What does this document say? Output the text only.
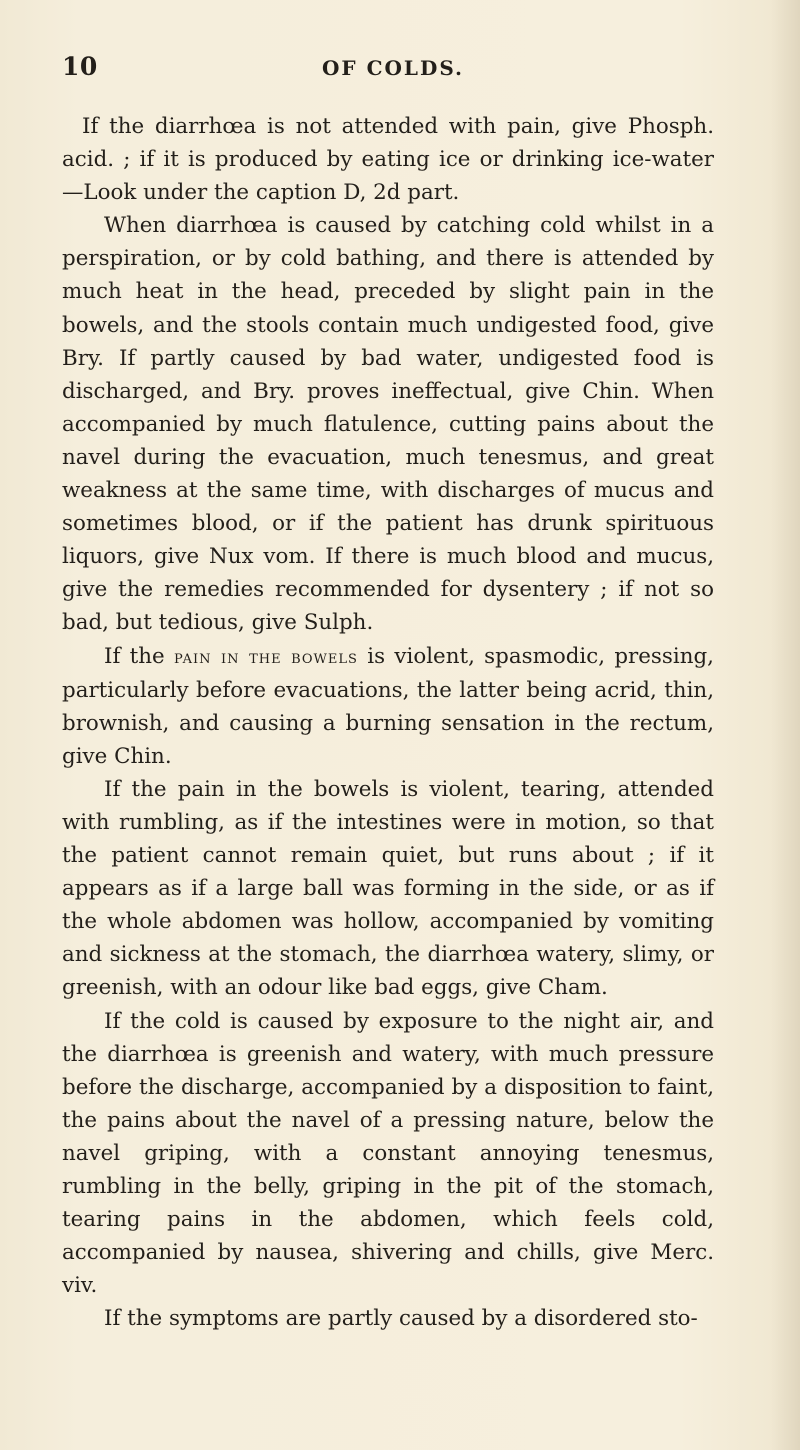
10	OF COLDS.

If the diarrhœa is not attended with pain, give Phosph. acid. ; if it is produced by eating ice or drinking ice-water —Look under the caption D, 2d part.

When diarrhœa is caused by catching cold whilst in a perspiration, or by cold bathing, and there is attended by much heat in the head, preceded by slight pain in the bowels, and the stools contain much undigested food, give Bry. If partly caused by bad water, undigested food is discharged, and Bry. proves ineffectual, give Chin. When accompanied by much flatulence, cutting pains about the navel during the evacuation, much tenesmus, and great weakness at the same time, with discharges of mucus and sometimes blood, or if the patient has drunk spirituous liquors, give Nux vom. If there is much blood and mucus, give the remedies recommended for dysentery ; if not so bad, but tedious, give Sulph.

If the pain in the bowels is violent, spasmodic, pressing, particularly before evacuations, the latter being acrid, thin, brownish, and causing a burning sensation in the rectum, give Chin.

If the pain in the bowels is violent, tearing, attended with rumbling, as if the intestines were in motion, so that the patient cannot remain quiet, but runs about ; if it appears as if a large ball was forming in the side, or as if the whole abdomen was hollow, accompanied by vomiting and sickness at the stomach, the diarrhœa watery, slimy, or greenish, with an odour like bad eggs, give Cham.

If the cold is caused by exposure to the night air, and the diarrhœa is greenish and watery, with much pressure before the discharge, accompanied by a disposition to faint, the pains about the navel of a pressing nature, below the navel griping, with a constant annoying tenesmus, rumbling in the belly, griping in the pit of the stomach, tearing pains in the abdomen, which feels cold, accompanied by nausea, shivering and chills, give Merc. viv.

If the symptoms are partly caused by a disordered sto-
